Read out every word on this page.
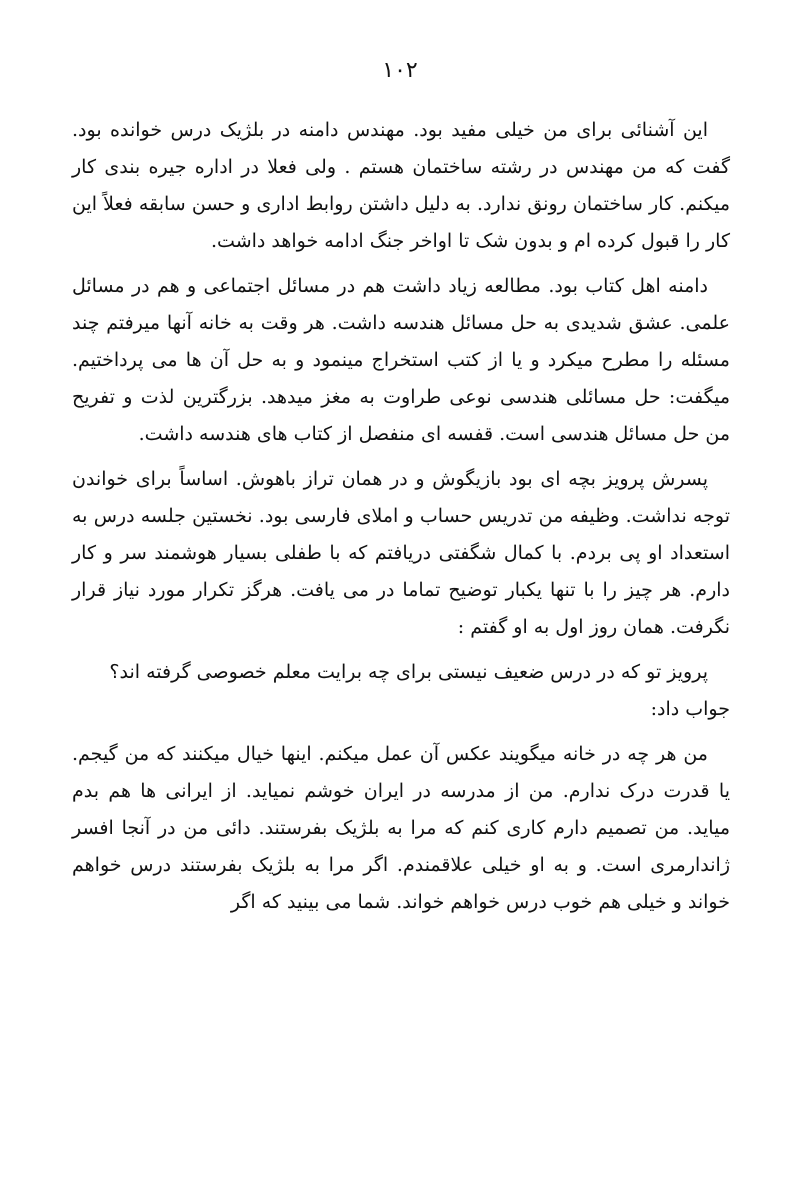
۱۰۲

این آشنائی برای من خیلی مفید بود. مهندس دامنه در بلژیک درس خوانده بود. گفت که من مهندس در رشته ساختمان هستم . ولی فعلا در اداره جیره بندی کار میکنم. کار ساختمان رونق ندارد. به دلیل داشتن روابط اداری و حسن سابقه فعلاً این کار را قبول کرده ام و بدون شک تا اواخر جنگ ادامه خواهد داشت.

دامنه اهل کتاب بود. مطالعه زیاد داشت هم در مسائل اجتماعی و هم در مسائل علمی. عشق شدیدی به حل مسائل هندسه داشت. هر وقت به خانه آنها میرفتم چند مسئله را مطرح میکرد و یا از کتب استخراج مینمود و به حل آن ها می پرداختیم. میگفت: حل مسائلی هندسی نوعی طراوت به مغز میدهد. بزرگترین لذت و تفریح من حل مسائل هندسی است. قفسه ای منفصل از کتاب های هندسه داشت.

پسرش پرویز بچه ای بود بازیگوش و در همان تراز باهوش. اساساً برای خواندن توجه نداشت. وظیفه من تدریس حساب و املای فارسی بود. نخستین جلسه درس به استعداد او پی بردم. با کمال شگفتی دریافتم که با طفلی بسیار هوشمند سر و کار دارم. هر چیز را با تنها یکبار توضیح تماما در می یافت. هرگز تکرار مورد نیاز قرار نگرفت. همان روز اول به او گفتم :

پرویز تو که در درس ضعیف نیستی برای چه برایت معلم خصوصی گرفته اند؟

جواب داد:

من هر چه در خانه میگویند عکس آن عمل میکنم. اینها خیال میکنند که من گیجم. یا قدرت درک ندارم. من از مدرسه در ایران خوشم نمیاید. از ایرانی ها هم بدم میاید. من تصمیم دارم کاری کنم که مرا به بلژیک بفرستند. دائی من در آنجا افسر ژاندارمری است. و به او خیلی علاقمندم. اگر مرا به بلژیک بفرستند درس خواهم خواند و خیلی هم خوب درس خواهم خواند. شما می بینید که اگر
